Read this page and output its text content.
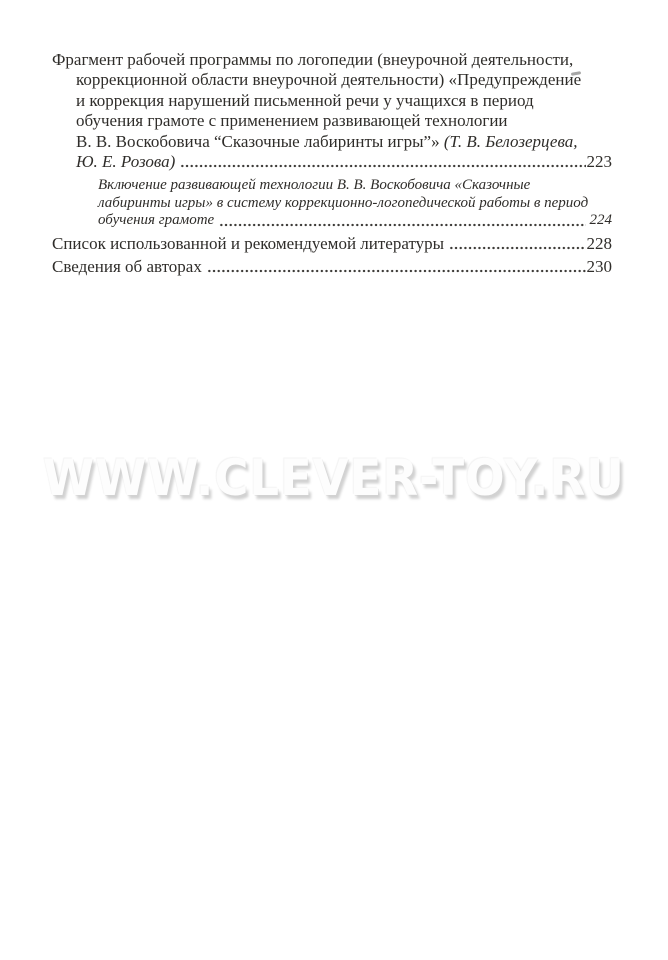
Фрагмент рабочей программы по логопедии (внеурочной деятельности,
коррекционной области внеурочной деятельности) «Предупреждение
и коррекция нарушений письменной речи у учащихся в период
обучения грамоте с применением развивающей технологии
В. В. Воскобовича “Сказочные лабиринты игры”» (Т. В. Белозерцева,
Ю. Е. Розова)	223
Включение развивающей технологии В. В. Воскобовича «Сказочные
лабиринты игры» в систему коррекционно-логопедической работы в период
обучения грамоте	224
Список использованной и рекомендуемой литературы	228
Сведения об авторах	230
WWW.CLEVER-TOY.RU
